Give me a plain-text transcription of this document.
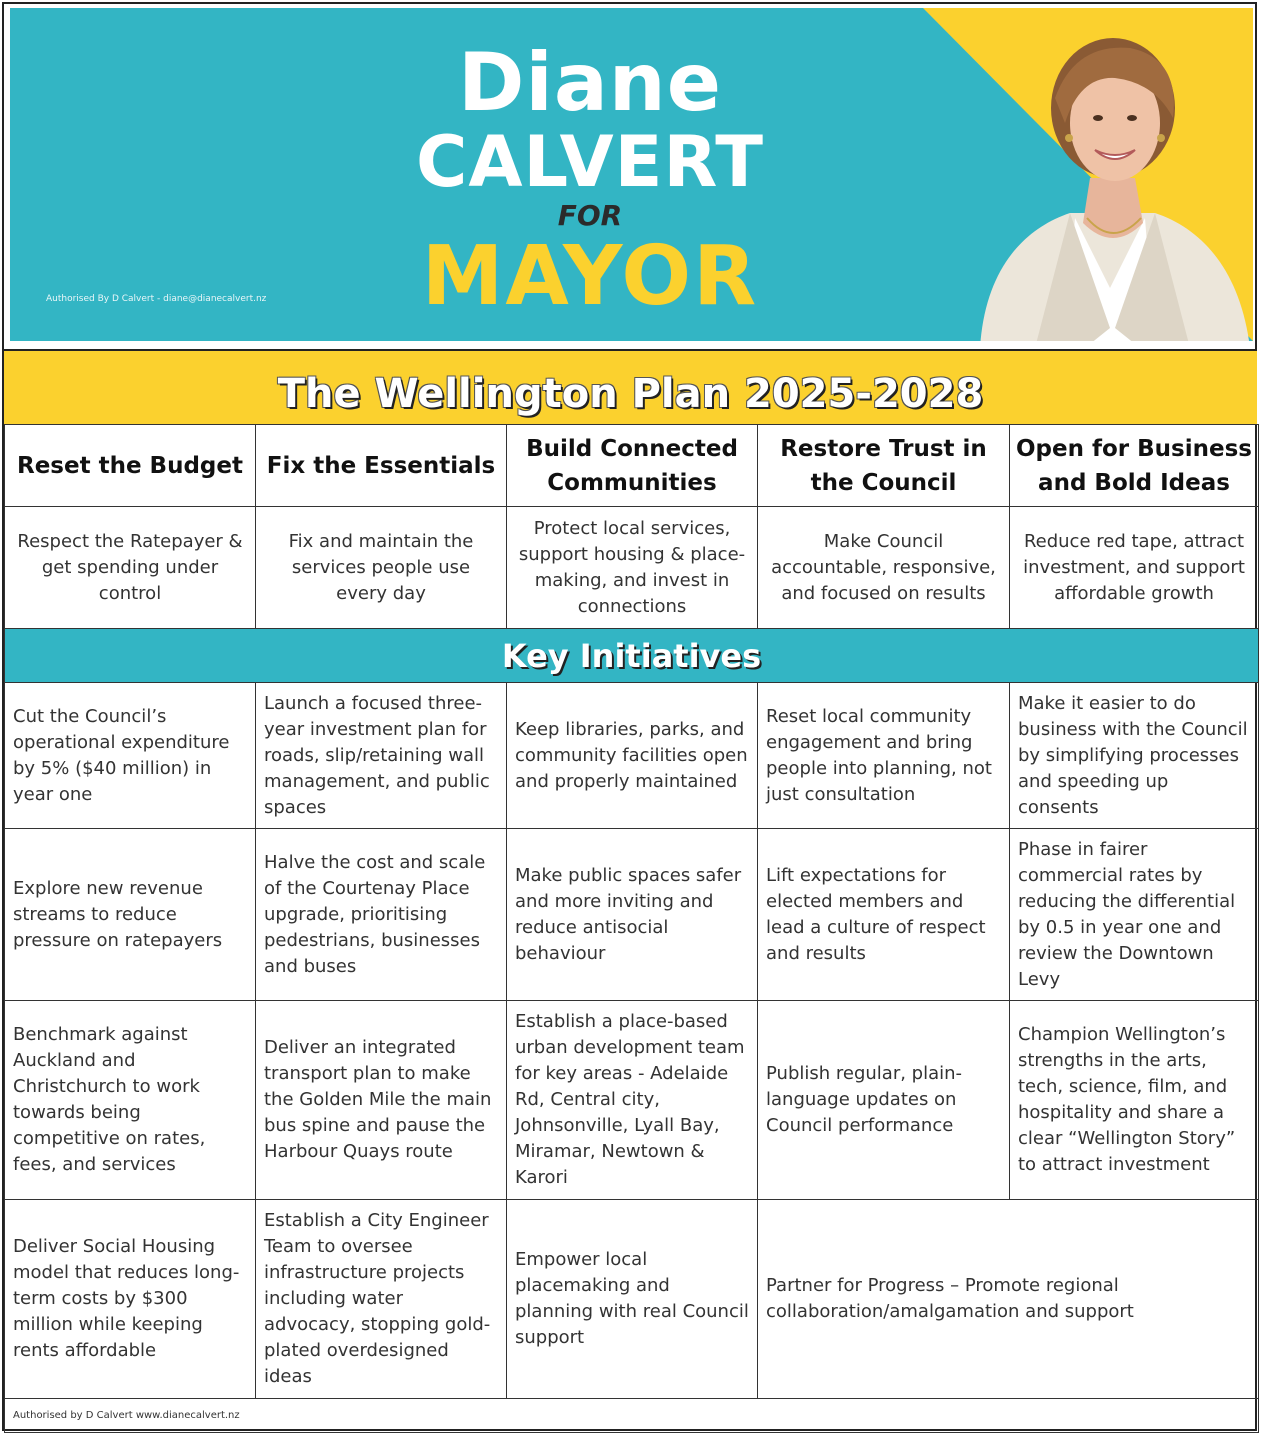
Diane
CALVERT
FOR
MAYOR
Authorised By D Calvert - diane@dianecalvert.nz
The Wellington Plan 2025-2028
Reset the Budget	Fix the Essentials	Build Connected Communities	Restore Trust in the Council	Open for Business and Bold Ideas
Respect the Ratepayer & get spending under control	Fix and maintain the services people use every day	Protect local services, support housing & place-making, and invest in connections	Make Council accountable, responsive, and focused on results	Reduce red tape, attract investment, and support affordable growth
Key Initiatives				
Cut the Council’s operational expenditure by 5% ($40 million) in year one	Launch a focused three-year investment plan for roads, slip/retaining wall management, and public spaces	Keep libraries, parks, and community facilities open and properly maintained	Reset local community engagement and bring people into planning, not just consultation	Make it easier to do business with the Council by simplifying processes and speeding up consents
Explore new revenue streams to reduce pressure on ratepayers	Halve the cost and scale of the Courtenay Place upgrade, prioritising pedestrians, businesses and buses	Make public spaces safer and more inviting and reduce antisocial behaviour	Lift expectations for elected members and lead a culture of respect and results	Phase in fairer commercial rates by reducing the differential by 0.5 in year one and review the Downtown Levy
Benchmark against Auckland and Christchurch to work towards being competitive on rates, fees, and services	Deliver an integrated transport plan to make the Golden Mile the main bus spine and pause the Harbour Quays route	Establish a place-based urban development team for key areas - Adelaide Rd, Central city, Johnsonville, Lyall Bay, Miramar, Newtown & Karori	Publish regular, plain-language updates on Council performance	Champion Wellington’s strengths in the arts, tech, science, film, and hospitality and share a clear “Wellington Story” to attract investment
Deliver Social Housing model that reduces long-term costs by $300 million while keeping rents affordable	Establish a City Engineer Team to oversee infrastructure projects including water advocacy, stopping gold-plated overdesigned ideas	Empower local placemaking and planning with real Council support	Partner for Progress – Promote regional collaboration/amalgamation and support	
Authorised by D Calvert www.dianecalvert.nz				
